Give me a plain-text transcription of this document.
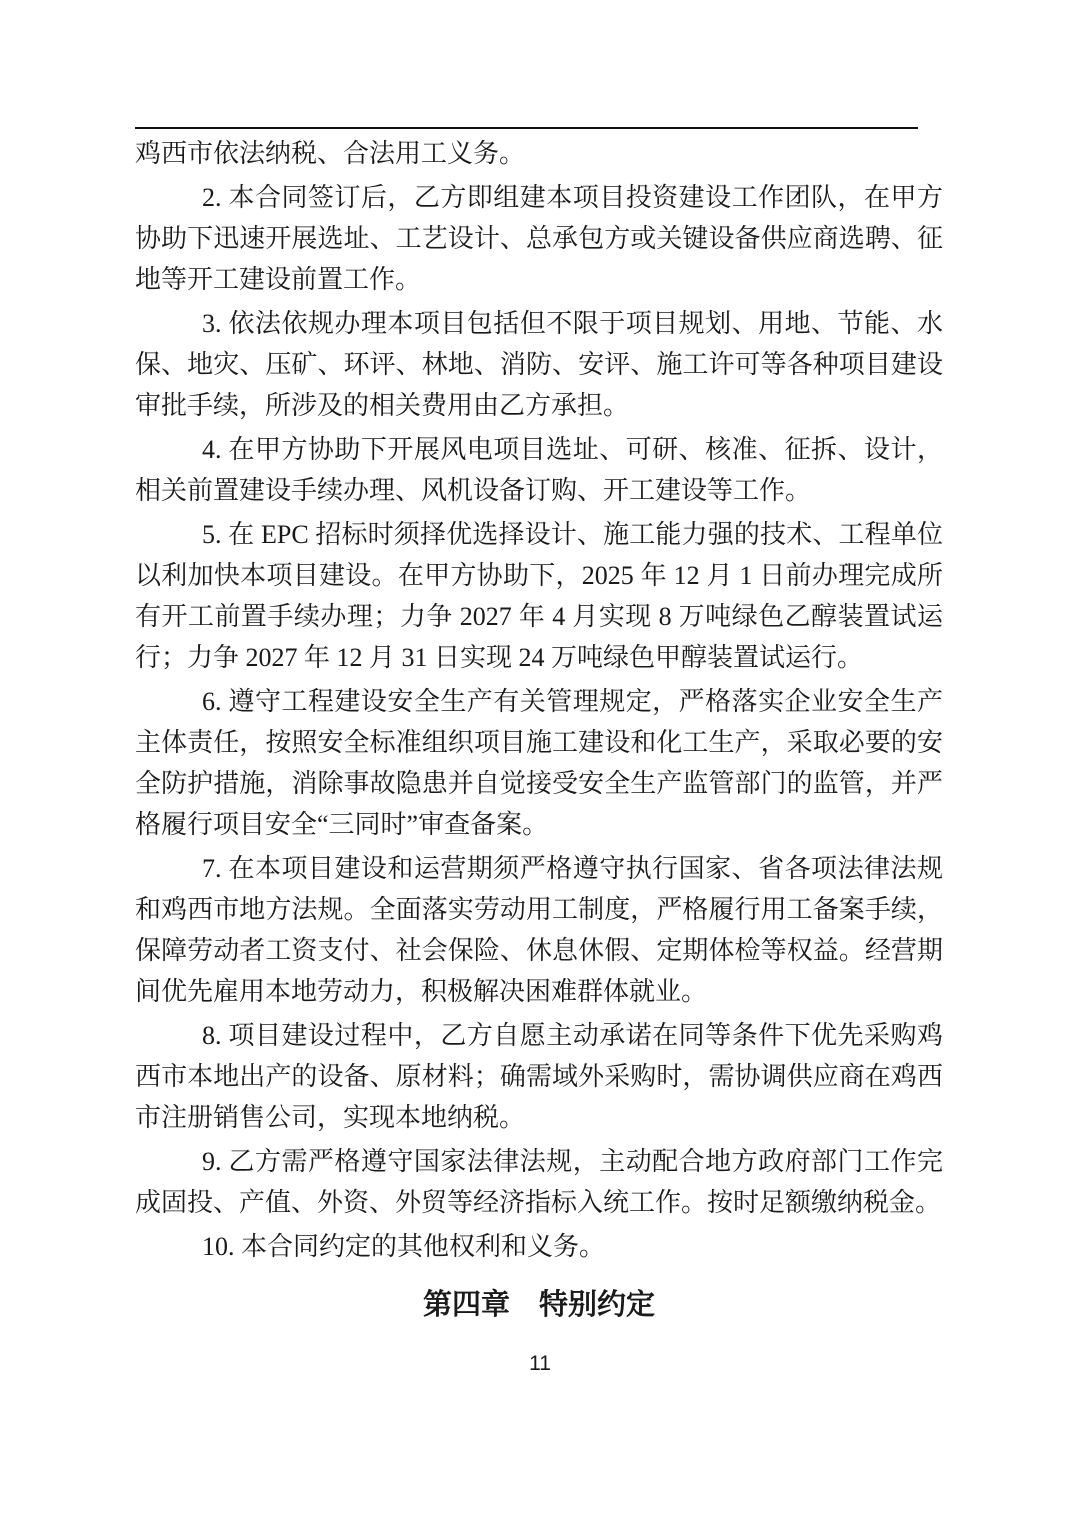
鸡西市依法纳税、合法用工义务。

2. 本合同签订后，乙方即组建本项目投资建设工作团队，在甲方协助下迅速开展选址、工艺设计、总承包方或关键设备供应商选聘、征地等开工建设前置工作。

3. 依法依规办理本项目包括但不限于项目规划、用地、节能、水保、地灾、压矿、环评、林地、消防、安评、施工许可等各种项目建设审批手续，所涉及的相关费用由乙方承担。

4. 在甲方协助下开展风电项目选址、可研、核准、征拆、设计，相关前置建设手续办理、风机设备订购、开工建设等工作。

5. 在 EPC 招标时须择优选择设计、施工能力强的技术、工程单位以利加快本项目建设。在甲方协助下，2025 年 12 月 1 日前办理完成所有开工前置手续办理；力争 2027 年 4 月实现 8 万吨绿色乙醇装置试运行；力争 2027 年 12 月 31 日实现 24 万吨绿色甲醇装置试运行。

6. 遵守工程建设安全生产有关管理规定，严格落实企业安全生产主体责任，按照安全标准组织项目施工建设和化工生产，采取必要的安全防护措施，消除事故隐患并自觉接受安全生产监管部门的监管，并严格履行项目安全“三同时”审查备案。

7. 在本项目建设和运营期须严格遵守执行国家、省各项法律法规和鸡西市地方法规。全面落实劳动用工制度，严格履行用工备案手续，保障劳动者工资支付、社会保险、休息休假、定期体检等权益。经营期间优先雇用本地劳动力，积极解决困难群体就业。

8. 项目建设过程中，乙方自愿主动承诺在同等条件下优先采购鸡西市本地出产的设备、原材料；确需域外采购时，需协调供应商在鸡西市注册销售公司，实现本地纳税。

9. 乙方需严格遵守国家法律法规，主动配合地方政府部门工作完成固投、产值、外资、外贸等经济指标入统工作。按时足额缴纳税金。

10. 本合同约定的其他权利和义务。

第四章　特别约定
11
